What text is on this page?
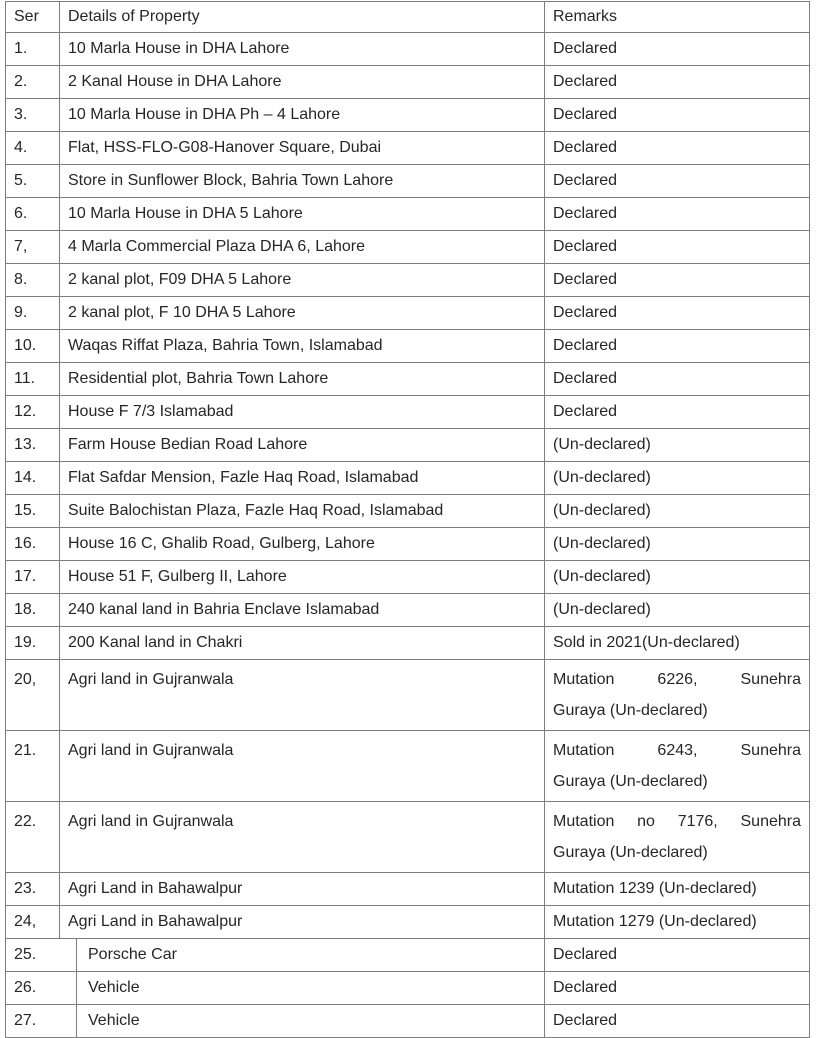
Ser	Details of Property	Remarks
1.	10 Marla House in DHA Lahore	Declared
2.	2 Kanal House in DHA Lahore	Declared
3.	10 Marla House in DHA Ph – 4 Lahore	Declared
4.	Flat, HSS-FLO-G08-Hanover Square, Dubai	Declared
5.	Store in Sunflower Block, Bahria Town Lahore	Declared
6.	10 Marla House in DHA 5 Lahore	Declared
7,	4 Marla Commercial Plaza DHA 6, Lahore	Declared
8.	2 kanal plot, F09 DHA 5 Lahore	Declared
9.	2 kanal plot, F 10 DHA 5 Lahore	Declared
10.	Waqas Riffat Plaza, Bahria Town, Islamabad	Declared
11.	Residential plot, Bahria Town Lahore	Declared
12.	House F 7/3 Islamabad	Declared
13.	Farm House Bedian Road Lahore	(Un-declared)
14.	Flat Safdar Mension, Fazle Haq Road, Islamabad	(Un-declared)
15.	Suite Balochistan Plaza, Fazle Haq Road, Islamabad	(Un-declared)
16.	House 16 C, Ghalib Road, Gulberg, Lahore	(Un-declared)
17.	House 51 F, Gulberg II, Lahore	(Un-declared)
18.	240 kanal land in Bahria Enclave Islamabad	(Un-declared)
19.	200 Kanal land in Chakri	Sold in 2021(Un-declared)
20,	Agri land in Gujranwala	Mutation 6226, Sunehra
Guraya (Un-declared)
21.	Agri land in Gujranwala	Mutation 6243, Sunehra
Guraya (Un-declared)
22.	Agri land in Gujranwala	Mutation no 7176, Sunehra
Guraya (Un-declared)
23.	Agri Land in Bahawalpur	Mutation 1239 (Un-declared)
24,	Agri Land in Bahawalpur	Mutation 1279 (Un-declared)
25.	Porsche Car	Declared
26.	Vehicle	Declared
27.	Vehicle	Declared
